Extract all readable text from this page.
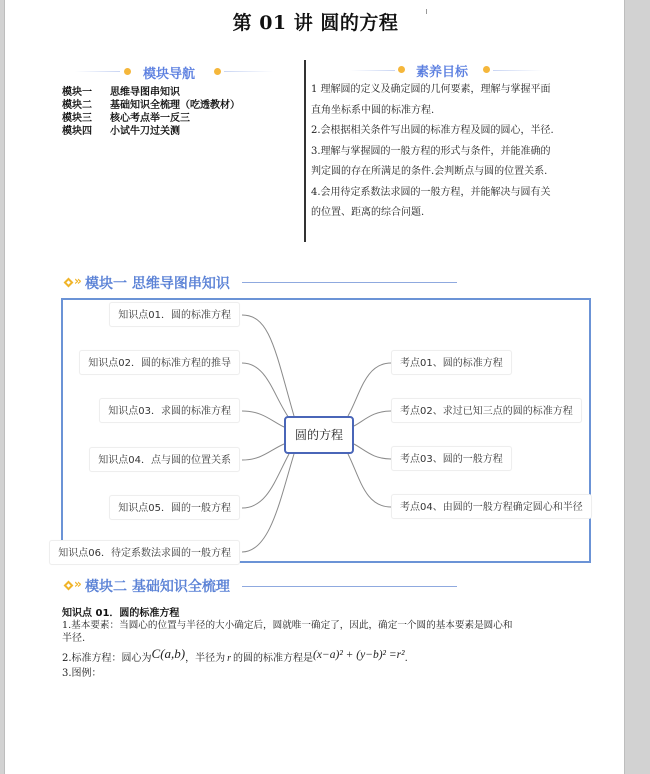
第 01 讲 圆的方程
模块导航
模块一 思维导图串知识
模块二 基础知识全梳理（吃透教材）
模块三 核心考点举一反三
模块四 小试牛刀过关测
素养目标
1 理解圆的定义及确定圆的几何要素，理解与掌握平面
直角坐标系中圆的标准方程.
2.会根据相关条件写出圆的标准方程及圆的圆心，半径.
3.理解与掌握圆的一般方程的形式与条件，并能准确的
判定圆的存在所满足的条件.会判断点与圆的位置关系.
4.会用待定系数法求圆的一般方程，并能解决与圆有关
的位置、距离的综合问题.
» 模块一 思维导图串知识
知识点01．圆的标准方程
知识点02．圆的标准方程的推导
知识点03．求圆的标准方程
知识点04．点与圆的位置关系
知识点05．圆的一般方程
知识点06．待定系数法求圆的一般方程
圆的方程
考点01、圆的标准方程
考点02、求过已知三点的圆的标准方程
考点03、圆的一般方程
考点04、由圆的一般方程确定圆心和半径
» 模块二 基础知识全梳理
知识点 01．圆的标准方程
1.基本要素：当圆心的位置与半径的大小确定后，圆就唯一确定了，因此，确定一个圆的基本要素是圆心和
半径.
2.标准方程：圆心为C(a,b)，半径为 r 的圆的标准方程是(x−a)² + (y−b)² =r².
3.图例：
